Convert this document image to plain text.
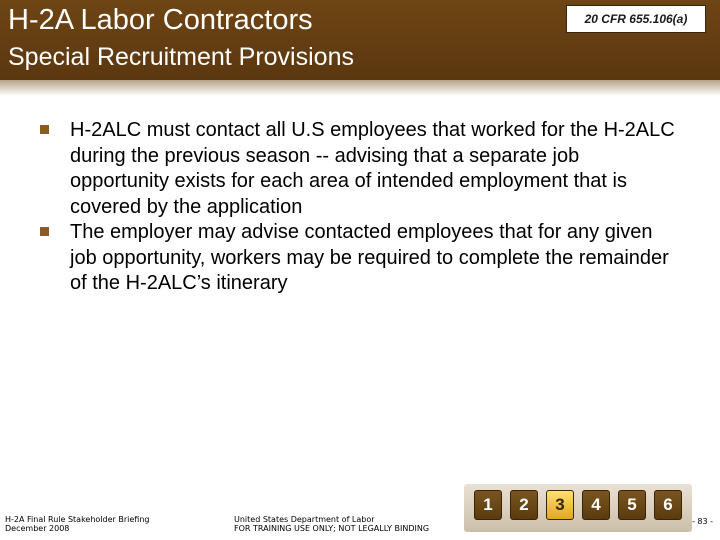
H-2A Labor Contractors
Special Recruitment Provisions
20 CFR 655.106(a)
H-2ALC must contact all U.S employees that worked for the H-2ALC during the previous season -- advising that a separate job opportunity exists for each area of intended employment that is covered by the application
The employer may advise contacted employees that for any given job opportunity, workers may be required to complete the remainder of the H-2ALC’s itinerary
H-2A Final Rule Stakeholder Briefing
December 2008
United States Department of Labor
FOR TRAINING USE ONLY; NOT LEGALLY BINDING
1	2	3	4	5	6
- 83 -
